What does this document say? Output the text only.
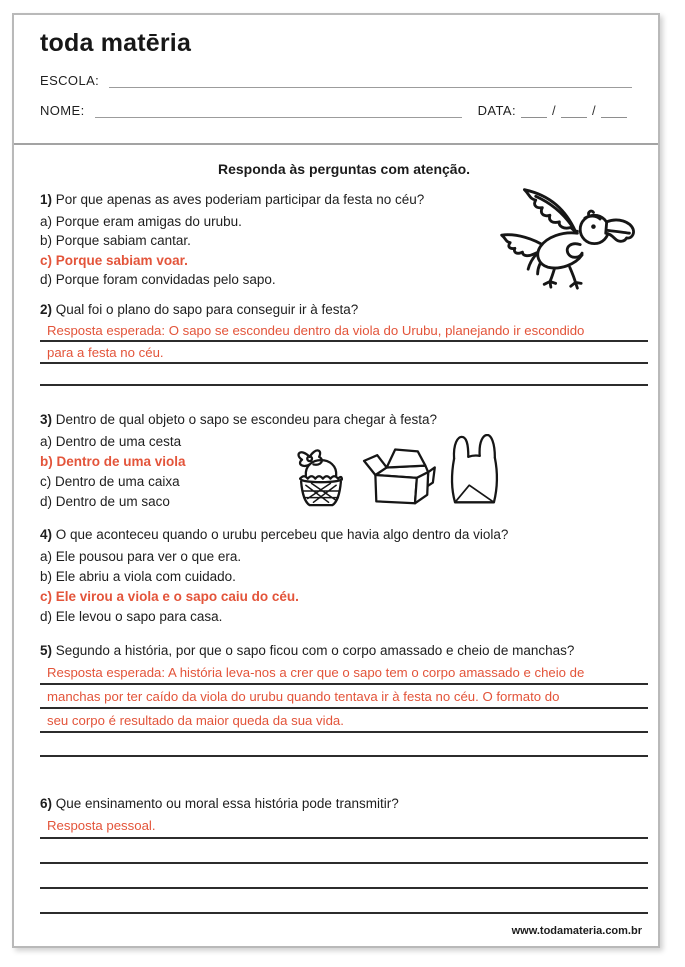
toda matēria
ESCOLA:
NOME:	DATA:	/	/
Responda às perguntas com atenção.
1) Por que apenas as aves poderiam participar da festa no céu?
a) Porque eram amigas do urubu.
b) Porque sabiam cantar.
c) Porque sabiam voar.
d) Porque foram convidadas pelo sapo.
2) Qual foi o plano do sapo para conseguir ir à festa?
Resposta esperada: O sapo se escondeu dentro da viola do Urubu, planejando ir escondido
para a festa no céu.
3) Dentro de qual objeto o sapo se escondeu para chegar à festa?
a) Dentro de uma cesta
b) Dentro de uma viola
c) Dentro de uma caixa
d) Dentro de um saco
4) O que aconteceu quando o urubu percebeu que havia algo dentro da viola?
a) Ele pousou para ver o que era.
b) Ele abriu a viola com cuidado.
c) Ele virou a viola e o sapo caiu do céu.
d) Ele levou o sapo para casa.
5) Segundo a história, por que o sapo ficou com o corpo amassado e cheio de manchas?
Resposta esperada: A história leva-nos a crer que o sapo tem o corpo amassado e cheio de
manchas por ter caído da viola do urubu quando tentava ir à festa no céu. O formato do
seu corpo é resultado da maior queda da sua vida.
6) Que ensinamento ou moral essa história pode transmitir?
Resposta pessoal.
www.todamateria.com.br
